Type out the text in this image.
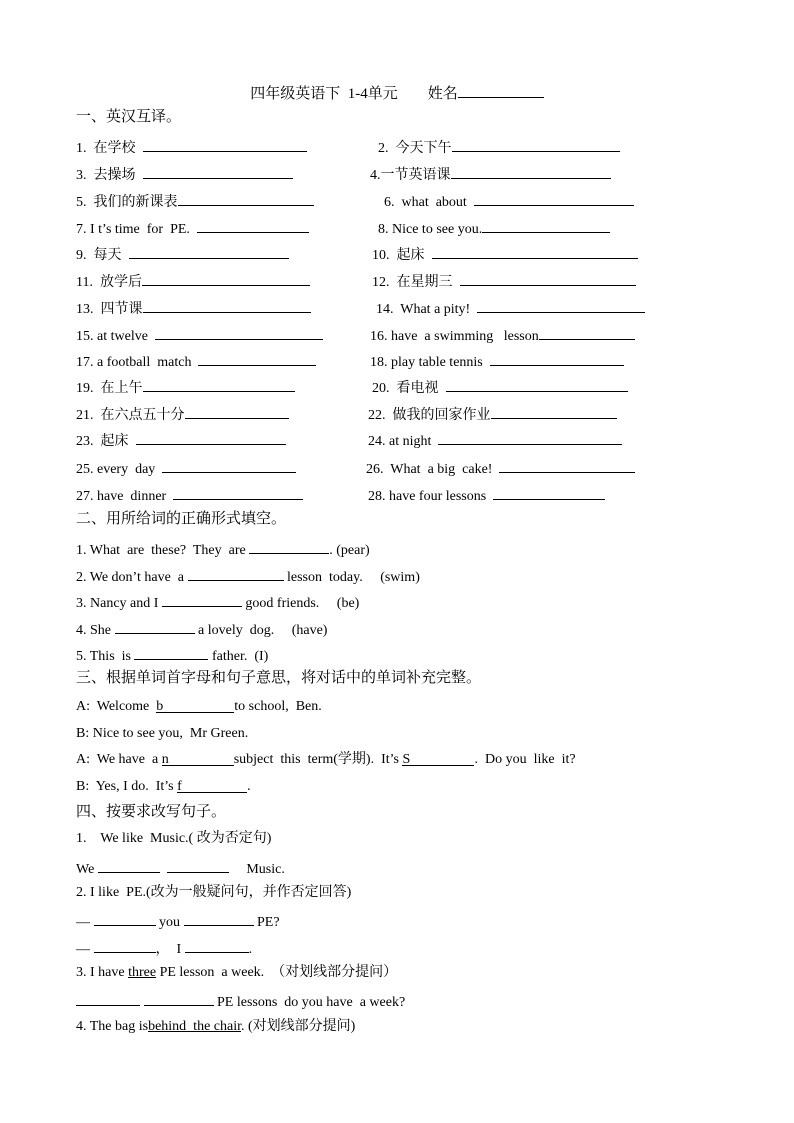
四年级英语下  1-4单元 姓名
一、英汉互译。
1.  在学校	2.  今天下午
3.  去操场	4.一节英语课
5.  我们的新课表	6.  what  about
7. I t’s time  for  PE.	8. Nice to see you.
9.  每天	10.  起床
11.  放学后	12.  在星期三
13.  四节课	14.  What a pity!
15. at twelve	16. have  a swimming   lesson
17. a football  match	18. play table tennis
19.  在上午	20.  看电视
21.  在六点五十分	22.  做我的回家作业
23.  起床	24. at night
25. every  day	26.  What  a big  cake!
27. have  dinner	28. have four lessons
二、用所给词的正确形式填空。
1. What  are  these?  They  are	. (pear)
2. We don’t have  a	lesson  today.     (swim)
3. Nancy and I	good friends.     (be)
4. She	a lovely  dog.     (have)
5. This  is	father.  (I)
三、根据单词首字母和句子意思，将对话中的单词补充完整。
A:  Welcome b	to school,  Ben.
B: Nice to see you,  Mr Green.
A:  We have  a n	subject  this  term(学期).  It’s S	.  Do you  like  it?
B:  Yes, I do.  It’s f	.
四、按要求改写句子。
1.    We like  Music.( 改为否定句)
We	Music.
2. I like  PE.(改为一般疑问句，并作否定回答)
—	you	PE?
—	，  I	.
3. I have three PE lesson  a week.  （对划线部分提问）
PE lessons  do you have  a week?
4. The bag isbehind  the chair. (对划线部分提问)
